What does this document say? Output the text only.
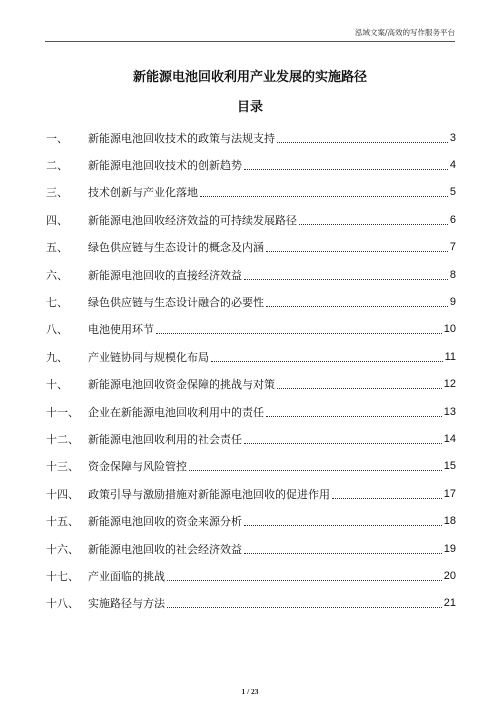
泓域文案/高效的写作服务平台
新能源电池回收利用产业发展的实施路径
目录
一、	新能源电池回收技术的政策与法规支持	3
二、	新能源电池回收技术的创新趋势	4
三、	技术创新与产业化落地	5
四、	新能源电池回收经济效益的可持续发展路径	6
五、	绿色供应链与生态设计的概念及内涵	7
六、	新能源电池回收的直接经济效益	8
七、	绿色供应链与生态设计融合的必要性	9
八、	电池使用环节	10
九、	产业链协同与规模化布局	11
十、	新能源电池回收资金保障的挑战与对策	12
十一、 企业在新能源电池回收利用中的责任	13
十二、 新能源电池回收利用的社会责任	14
十三、 资金保障与风险管控	15
十四、 政策引导与激励措施对新能源电池回收的促进作用	17
十五、 新能源电池回收的资金来源分析	18
十六、 新能源电池回收的社会经济效益	19
十七、 产业面临的挑战	20
十八、 实施路径与方法	21
1 / 23
